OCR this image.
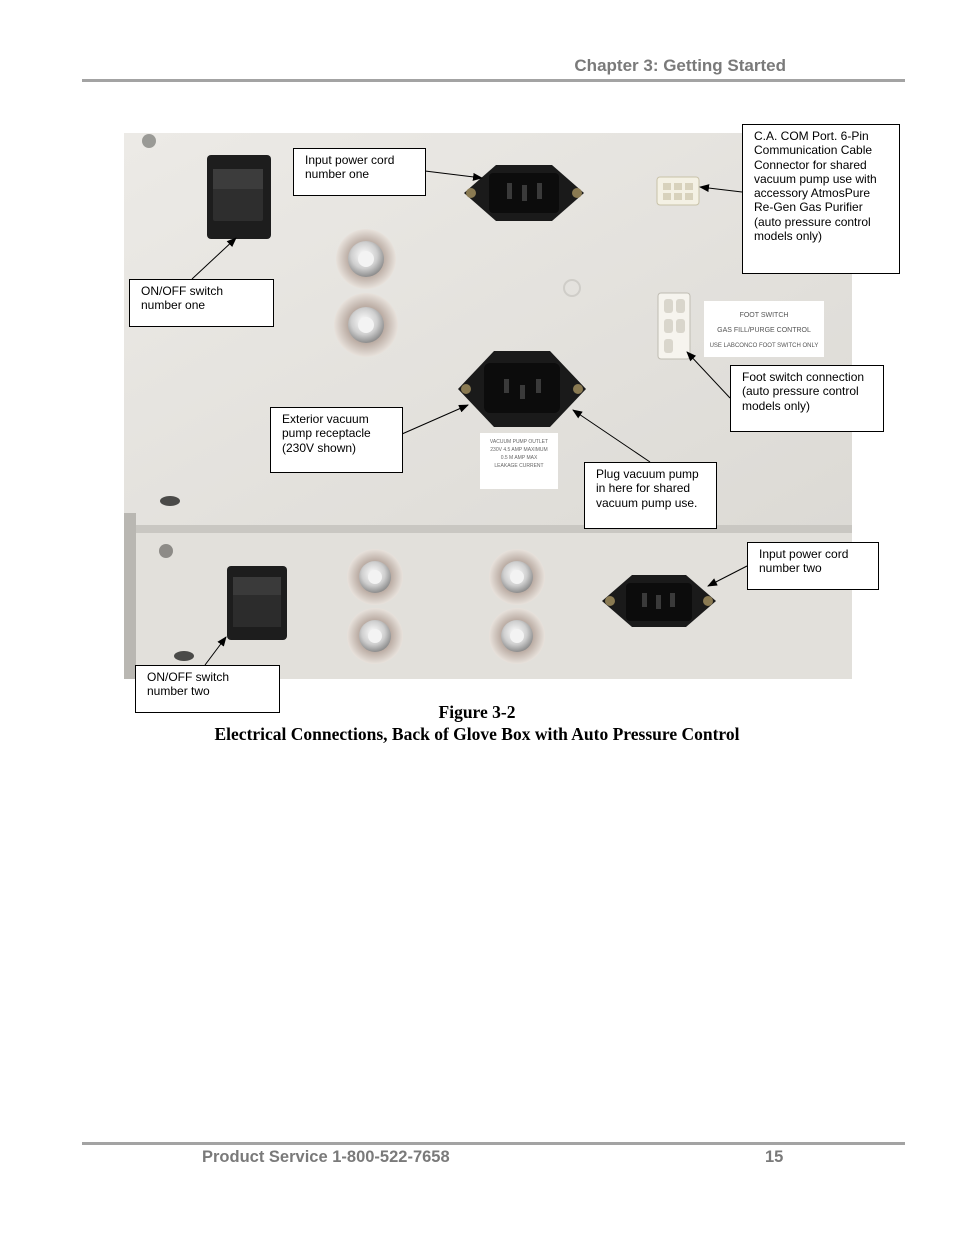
Chapter 3: Getting Started
FOOT SWITCH
GAS FILL/PURGE CONTROL
USE LABCONCO FOOT SWITCH ONLY
VACUUM PUMP OUTLET
230V 4.5 AMP MAXIMUM
0.5 M AMP MAX
LEAKAGE CURRENT
Input power cord
number one
C.A. COM Port. 6-Pin
Communication Cable
Connector for shared
vacuum pump use with
accessory AtmosPure
Re-Gen Gas Purifier
(auto pressure control
models only)
ON/OFF switch
number one
Foot switch connection
(auto pressure control
models only)
Exterior vacuum
pump receptacle
(230V shown)
Plug vacuum pump
in here for shared
vacuum pump use.
Input power cord
number two
ON/OFF switch
number two
Figure 3-2
Electrical Connections, Back of Glove Box with Auto Pressure Control
Product Service 1-800-522-7658	15
